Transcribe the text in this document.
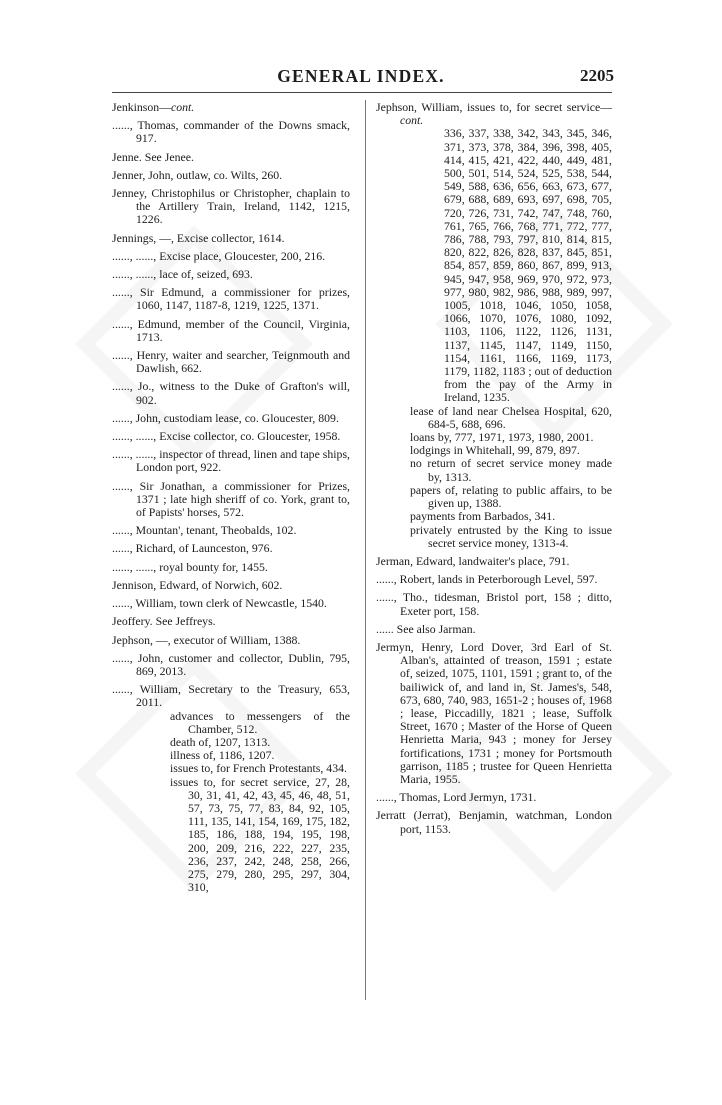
GENERAL INDEX.	2205

Jenkinson—cont.

......, Thomas, commander of the Downs smack, 917.

Jenne. See Jenee.

Jenner, John, outlaw, co. Wilts, 260.

Jenney, Christophilus or Christopher, chaplain to the Artillery Train, Ireland, 1142, 1215, 1226.

Jennings, —, Excise collector, 1614.

......, ......, Excise place, Gloucester, 200, 216.

......, ......, lace of, seized, 693.

......, Sir Edmund, a commissioner for prizes, 1060, 1147, 1187-8, 1219, 1225, 1371.

......, Edmund, member of the Council, Virginia, 1713.

......, Henry, waiter and searcher, Teignmouth and Dawlish, 662.

......, Jo., witness to the Duke of Grafton's will, 902.

......, John, custodiam lease, co. Gloucester, 809.

......, ......, Excise collector, co. Gloucester, 1958.

......, ......, inspector of thread, linen and tape ships, London port, 922.

......, Sir Jonathan, a commissioner for Prizes, 1371 ; late high sheriff of co. York, grant to, of Papists' horses, 572.

......, Mountan', tenant, Theobalds, 102.

......, Richard, of Launceston, 976.

......, ......, royal bounty for, 1455.

Jennison, Edward, of Norwich, 602.

......, William, town clerk of Newcastle, 1540.

Jeoffery. See Jeffreys.

Jephson, —, executor of William, 1388.

......, John, customer and collector, Dublin, 795, 869, 2013.

......, William, Secretary to the Treasury, 653, 2011.

advances to messengers of the Chamber, 512.

death of, 1207, 1313.

illness of, 1186, 1207.

issues to, for French Protestants, 434.

issues to, for secret service, 27, 28, 30, 31, 41, 42, 43, 45, 46, 48, 51, 57, 73, 75, 77, 83, 84, 92, 105, 111, 135, 141, 154, 169, 175, 182, 185, 186, 188, 194, 195, 198, 200, 209, 216, 222, 227, 235, 236, 237, 242, 248, 258, 266, 275, 279, 280, 295, 297, 304, 310,

Jephson, William, issues to, for secret service—cont.

336, 337, 338, 342, 343, 345, 346, 371, 373, 378, 384, 396, 398, 405, 414, 415, 421, 422, 440, 449, 481, 500, 501, 514, 524, 525, 538, 544, 549, 588, 636, 656, 663, 673, 677, 679, 688, 689, 693, 697, 698, 705, 720, 726, 731, 742, 747, 748, 760, 761, 765, 766, 768, 771, 772, 777, 786, 788, 793, 797, 810, 814, 815, 820, 822, 826, 828, 837, 845, 851, 854, 857, 859, 860, 867, 899, 913, 945, 947, 958, 969, 970, 972, 973, 977, 980, 982, 986, 988, 989, 997, 1005, 1018, 1046, 1050, 1058, 1066, 1070, 1076, 1080, 1092, 1103, 1106, 1122, 1126, 1131, 1137, 1145, 1147, 1149, 1150, 1154, 1161, 1166, 1169, 1173, 1179, 1182, 1183 ; out of deduction from the pay of the Army in Ireland, 1235.

lease of land near Chelsea Hospital, 620, 684-5, 688, 696.

loans by, 777, 1971, 1973, 1980, 2001.

lodgings in Whitehall, 99, 879, 897.

no return of secret service money made by, 1313.

papers of, relating to public affairs, to be given up, 1388.

payments from Barbados, 341.

privately entrusted by the King to issue secret service money, 1313-4.

Jerman, Edward, landwaiter's place, 791.

......, Robert, lands in Peterborough Level, 597.

......, Tho., tidesman, Bristol port, 158 ; ditto, Exeter port, 158.

...... See also Jarman.

Jermyn, Henry, Lord Dover, 3rd Earl of St. Alban's, attainted of treason, 1591 ; estate of, seized, 1075, 1101, 1591 ; grant to, of the bailiwick of, and land in, St. James's, 548, 673, 680, 740, 983, 1651-2 ; houses of, 1968 ; lease, Piccadilly, 1821 ; lease, Suffolk Street, 1670 ; Master of the Horse of Queen Henrietta Maria, 943 ; money for Jersey fortifications, 1731 ; money for Portsmouth garrison, 1185 ; trustee for Queen Henrietta Maria, 1955.

......, Thomas, Lord Jermyn, 1731.

Jerratt (Jerrat), Benjamin, watchman, London port, 1153.
